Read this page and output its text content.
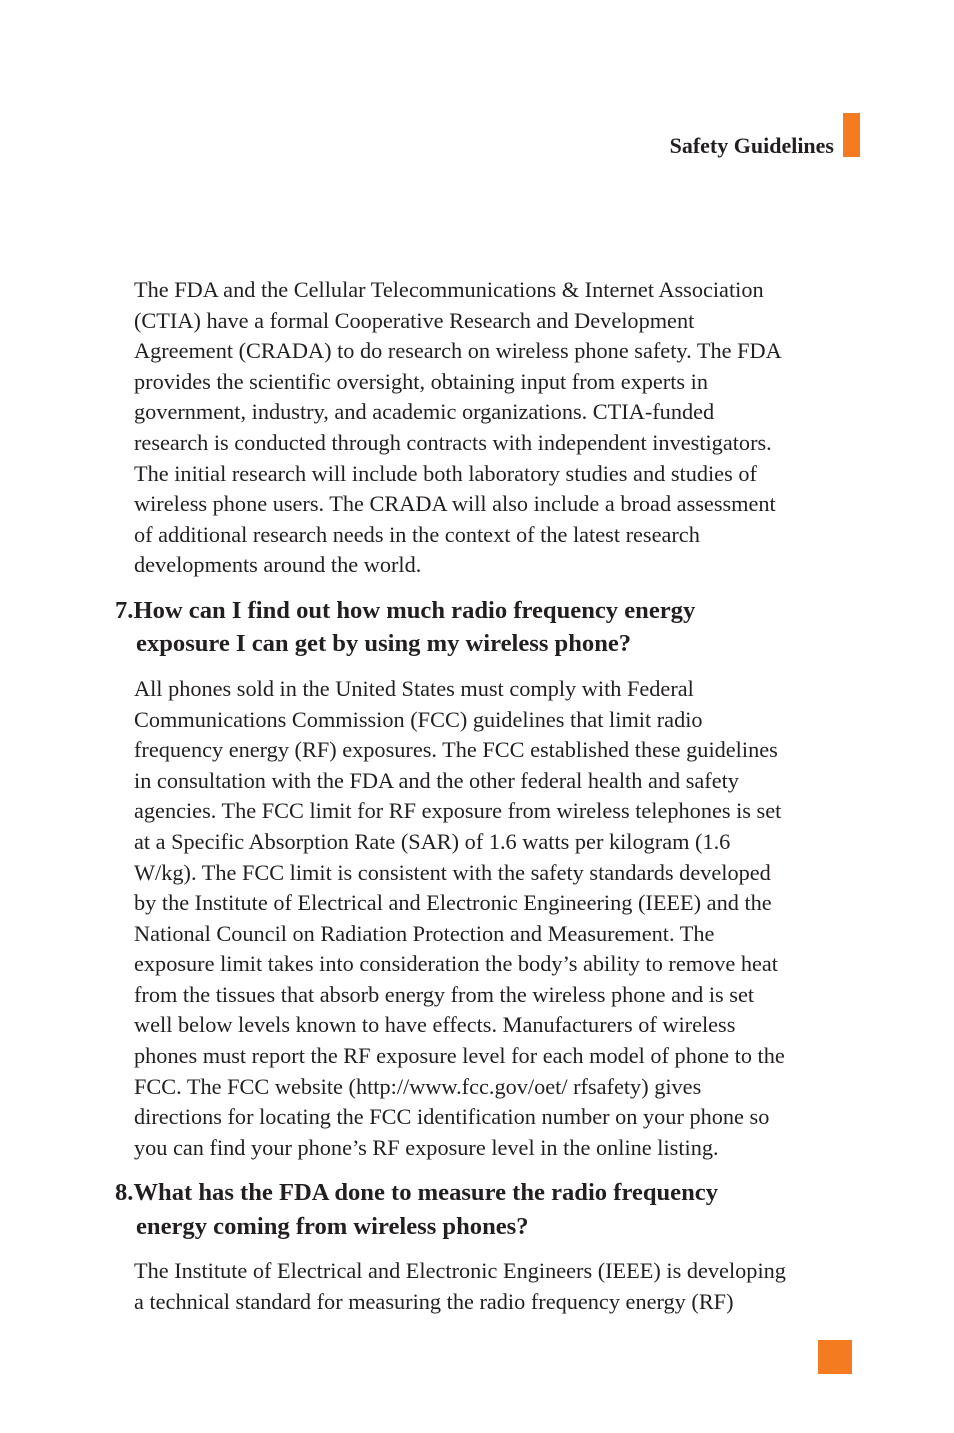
Safety Guidelines

The FDA and the Cellular Telecommunications & Internet Association
(CTIA) have a formal Cooperative Research and Development
Agreement (CRADA) to do research on wireless phone safety. The FDA
provides the scientific oversight, obtaining input from experts in
government, industry, and academic organizations. CTIA-funded
research is conducted through contracts with independent investigators.
The initial research will include both laboratory studies and studies of
wireless phone users. The CRADA will also include a broad assessment
of additional research needs in the context of the latest research
developments around the world.

7.How can I find out how much radio frequency energy
exposure I can get by using my wireless phone?

All phones sold in the United States must comply with Federal
Communications Commission (FCC) guidelines that limit radio
frequency energy (RF) exposures. The FCC established these guidelines
in consultation with the FDA and the other federal health and safety
agencies. The FCC limit for RF exposure from wireless telephones is set
at a Specific Absorption Rate (SAR) of 1.6 watts per kilogram (1.6
W/kg). The FCC limit is consistent with the safety standards developed
by the Institute of Electrical and Electronic Engineering (IEEE) and the
National Council on Radiation Protection and Measurement. The
exposure limit takes into consideration the body’s ability to remove heat
from the tissues that absorb energy from the wireless phone and is set
well below levels known to have effects. Manufacturers of wireless
phones must report the RF exposure level for each model of phone to the
FCC. The FCC website (http://www.fcc.gov/oet/ rfsafety) gives
directions for locating the FCC identification number on your phone so
you can find your phone’s RF exposure level in the online listing.

8.What has the FDA done to measure the radio frequency
energy coming from wireless phones?

The Institute of Electrical and Electronic Engineers (IEEE) is developing
a technical standard for measuring the radio frequency energy (RF)
